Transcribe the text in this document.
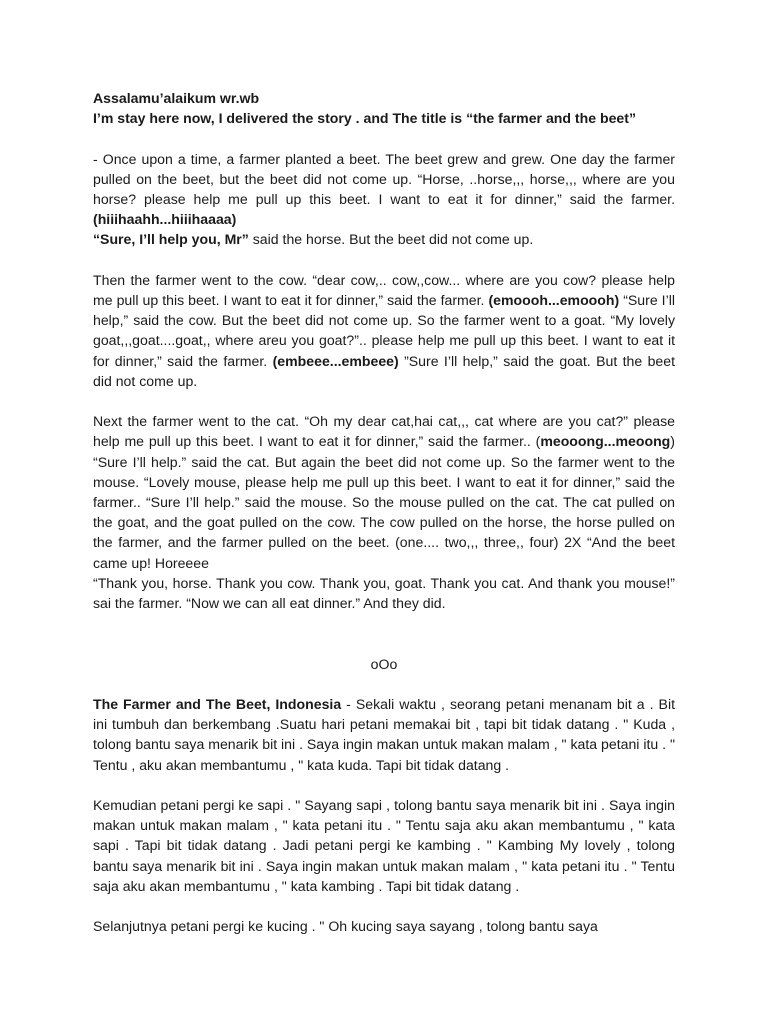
Assalamu’alaikum wr.wb

I’m stay here now, I delivered the story . and The title is “the farmer and the beet”

- Once upon a time, a farmer planted a beet. The beet grew and grew. One day the farmer pulled on the beet, but the beet did not come up. “Horse, ..horse,,, horse,,, where are you horse? please help me pull up this beet. I want to eat it for dinner,” said the farmer. (hiiihaahh...hiiihaaaa)

“Sure, I’ll help you, Mr” said the horse. But the beet did not come up.

Then the farmer went to the cow. “dear cow,.. cow,,cow... where are you cow? please help me pull up this beet. I want to eat it for dinner,” said the farmer. (emoooh...emoooh) “Sure I’ll help,” said the cow. But the beet did not come up. So the farmer went to a goat. “My lovely goat,,,goat....goat,, where areu you goat?”.. please help me pull up this beet. I want to eat it for dinner,” said the farmer. (embeee...embeee) ”Sure I’ll help,” said the goat. But the beet did not come up.

Next the farmer went to the cat. “Oh my dear cat,hai cat,,, cat where are you cat?” please help me pull up this beet. I want to eat it for dinner,” said the farmer.. (meooong...meoong) “Sure I’ll help.” said the cat. But again the beet did not come up. So the farmer went to the mouse. “Lovely mouse, please help me pull up this beet. I want to eat it for dinner,” said the farmer.. “Sure I’ll help.” said the mouse. So the mouse pulled on the cat. The cat pulled on the goat, and the goat pulled on the cow. The cow pulled on the horse, the horse pulled on the farmer, and the farmer pulled on the beet. (one.... two,,, three,, four) 2X “And the beet came up! Horeeee

“Thank you, horse. Thank you cow. Thank you, goat. Thank you cat. And thank you mouse!” sai the farmer. “Now we can all eat dinner.” And they did.

oOo

The Farmer and The Beet, Indonesia - Sekali waktu , seorang petani menanam bit a . Bit ini tumbuh dan berkembang .Suatu hari petani memakai bit , tapi bit tidak datang . " Kuda , tolong bantu saya menarik bit ini . Saya ingin makan untuk makan malam , " kata petani itu . " Tentu , aku akan membantumu , " kata kuda. Tapi bit tidak datang .

Kemudian petani pergi ke sapi . " Sayang sapi , tolong bantu saya menarik bit ini . Saya ingin makan untuk makan malam , " kata petani itu . " Tentu saja aku akan membantumu , " kata sapi . Tapi bit tidak datang . Jadi petani pergi ke kambing . " Kambing My lovely , tolong bantu saya menarik bit ini . Saya ingin makan untuk makan malam , " kata petani itu . " Tentu saja aku akan membantumu , " kata kambing . Tapi bit tidak datang .

Selanjutnya petani pergi ke kucing . " Oh kucing saya sayang , tolong bantu saya
